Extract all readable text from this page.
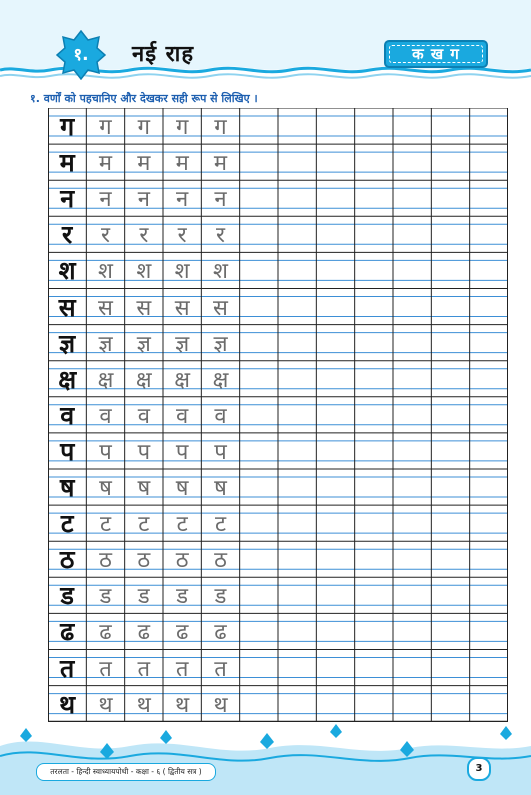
१.	नई राह	क ख ग
१. वर्णों को पहचानिए और देखकर सही रूप से लिखिए ।
ग	ग	ग	ग	ग
म	म	म	म	म
न	न	न	न	न
र	र	र	र	र
श	श	श	श	श
स	स	स	स	स
ज्ञ	ज्ञ	ज्ञ	ज्ञ	ज्ञ
क्ष क्ष	क्ष	क्ष	क्ष
व	व	व	व	व
प	प	प	प	प
ष	ष	ष	ष	ष
ट	ट	ट	ट	ट
ठ	ठ	ठ	ठ	ठ
ड	ड	ड	ड	ड
ढ	ढ	ढ	ढ	ढ
त	त	त	त	त
थ	थ	थ	थ	थ
तरलता - हिन्दी स्वाध्यायपोथी - कक्षा - ६ ( द्वितीय सत्र )	3
